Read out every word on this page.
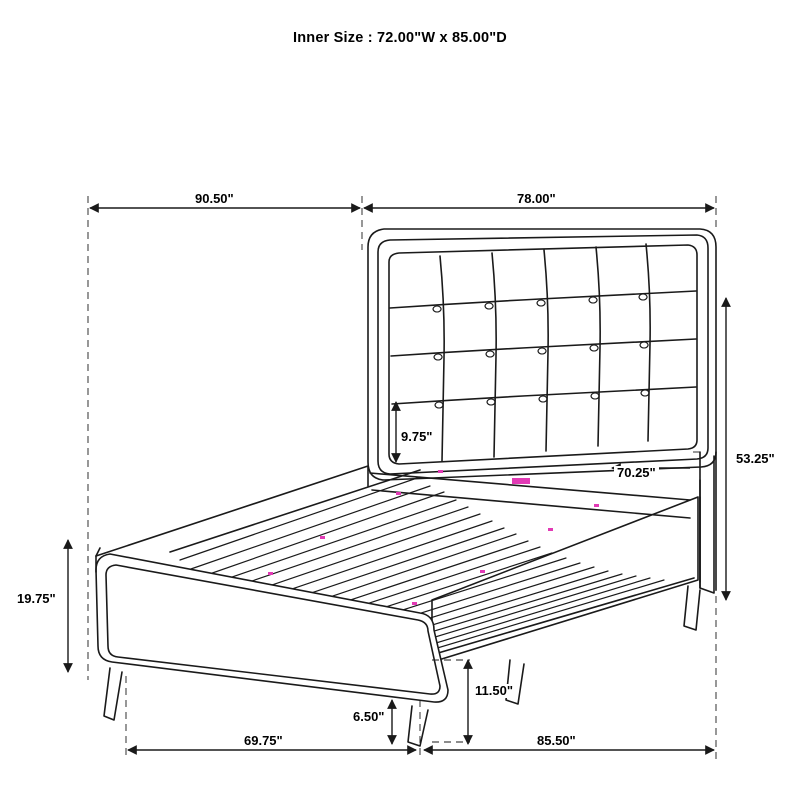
Inner Size : 72.00"W x 85.00"D
90.50"	78.00"
53.25"
70.25"
9.75"
19.75"
11.50"
6.50"
69.75"	85.50"
